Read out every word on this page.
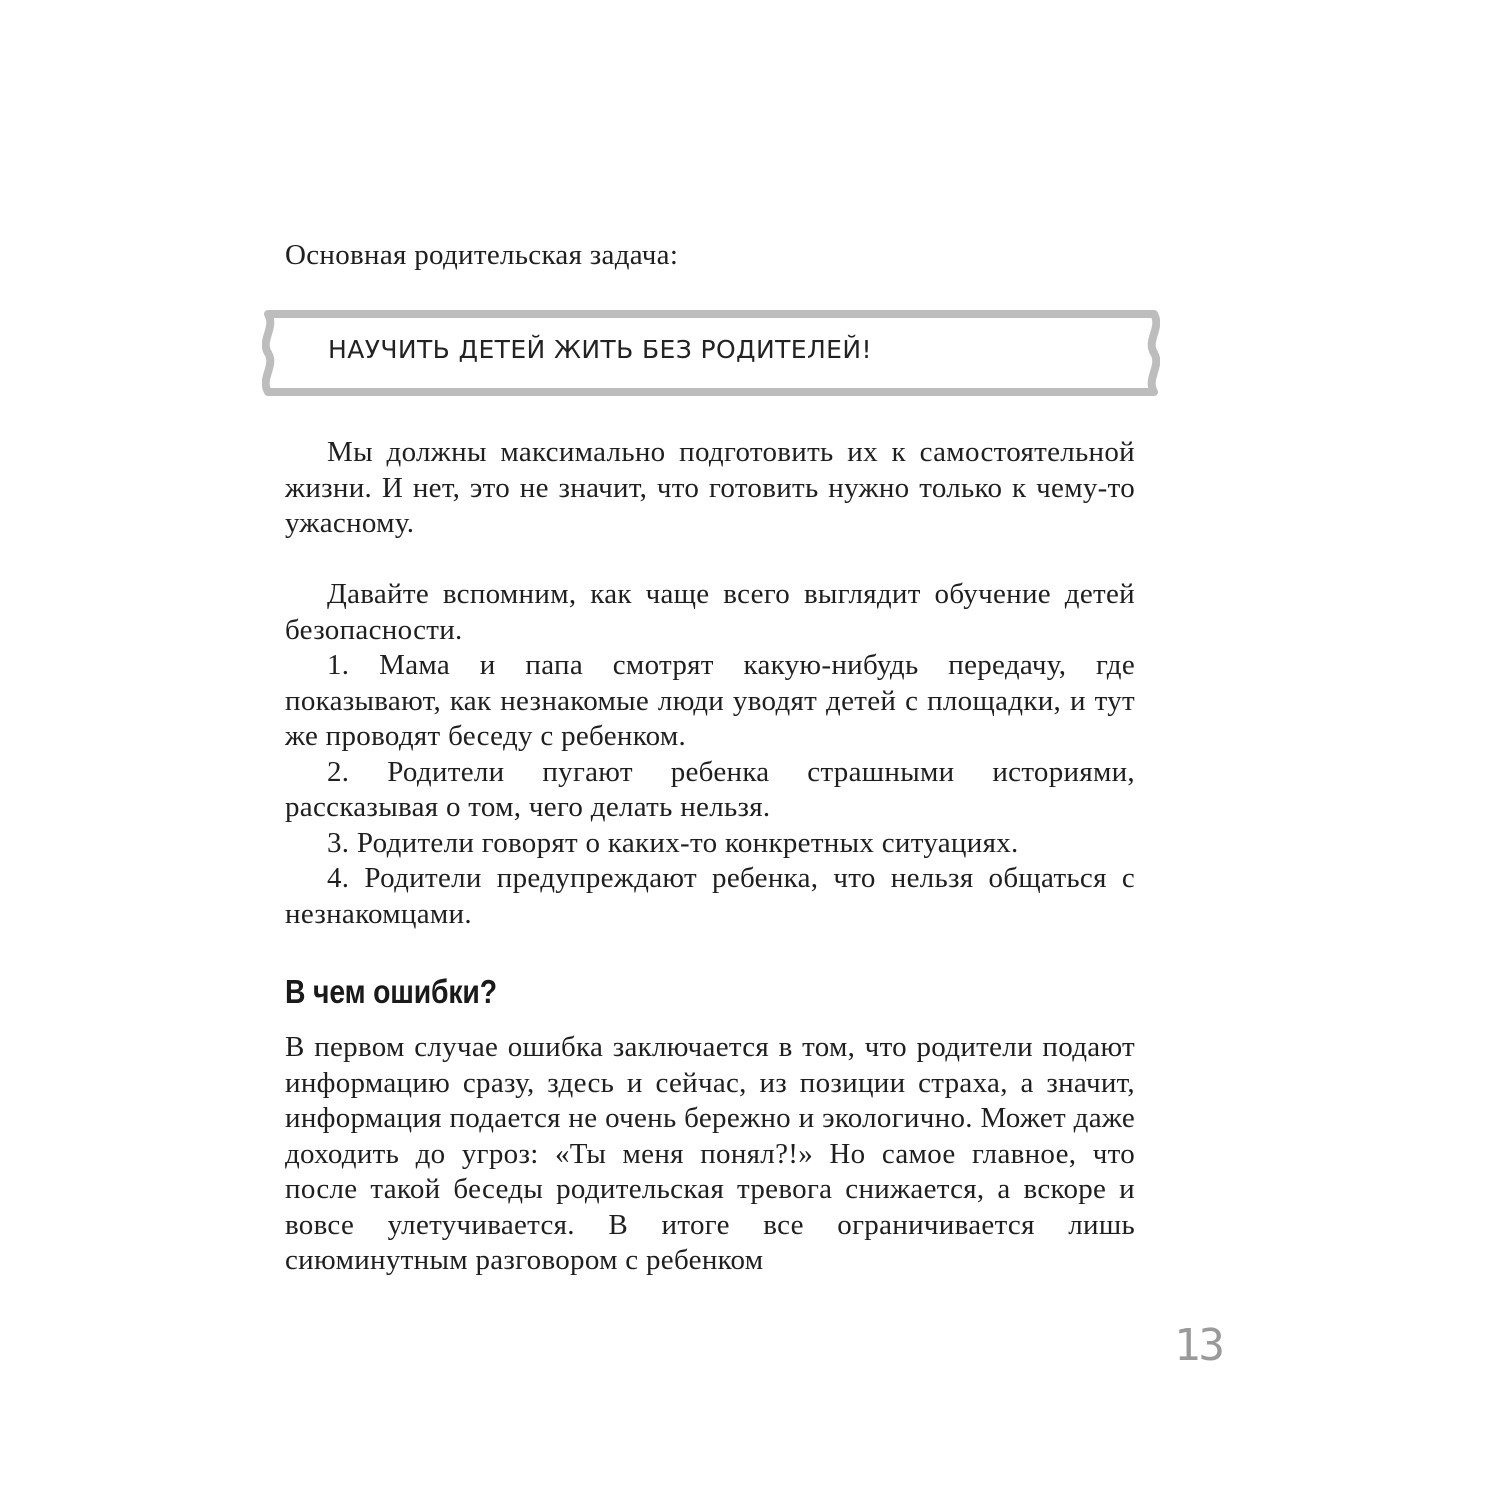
Основная родительская задача:
НАУЧИТЬ ДЕТЕЙ ЖИТЬ БЕЗ РОДИТЕЛЕЙ!

Мы должны максимально подготовить их к самостоятельной жизни. И нет, это не значит, что готовить нужно только к чему-то ужасному.

Давайте вспомним, как чаще всего выглядит обучение детей безопасности.

1. Мама и папа смотрят какую-нибудь передачу, где показывают, как незнакомые люди уводят детей с площадки, и тут же проводят беседу с ребенком.

2. Родители пугают ребенка страшными историями, рассказывая о том, чего делать нельзя.

3. Родители говорят о каких-то конкретных ситуациях.

4. Родители предупреждают ребенка, что нельзя общаться с незнакомцами.

В чем ошибки?

В первом случае ошибка заключается в том, что родители подают информацию сразу, здесь и сейчас, из позиции страха, а значит, информация подается не очень бережно и экологично. Может даже доходить до угроз: «Ты меня понял?!» Но самое главное, что после такой беседы родительская тревога снижается, а вскоре и вовсе улетучивается. В итоге все ограничивается лишь сиюминутным разговором с ребенком

13
